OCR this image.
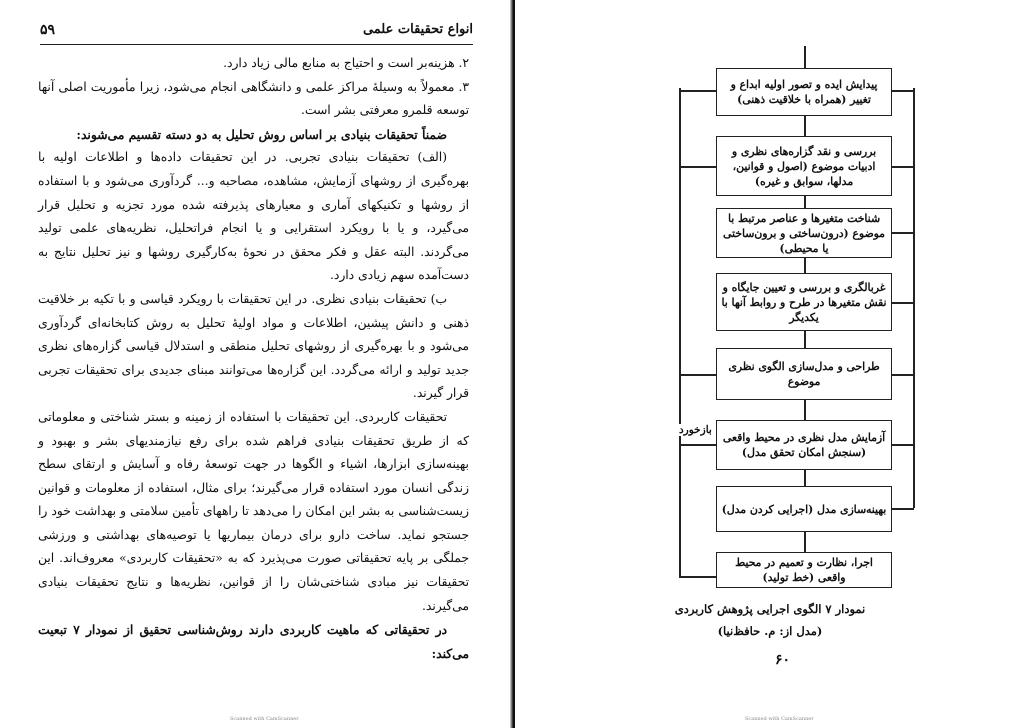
انواع تحقیقات علمی
۵۹

۲. هزینه‌بر است و احتیاج به منابع مالی زیاد دارد.

۳. معمولاً به وسیلهٔ مراکز علمی و دانشگاهی انجام می‌شود، زیرا مأموریت اصلی آنها توسعه قلمرو معرفتی بشر است.

ضمناً تحقیقات بنیادی بر اساس روش تحلیل به دو دسته تقسیم می‌شوند:

(الف) تحقیقات بنیادی تجربی. در این تحقیقات داده‌ها و اطلاعات اولیه با بهره‌گیری از روشهای آزمایش، مشاهده، مصاحبه و... گردآوری می‌شود و با استفاده از روشها و تکنیکهای آماری و معیارهای پذیرفته شده مورد تجزیه و تحلیل قرار می‌گیرد، و یا با رویکرد استقرایی و یا انجام فراتحلیل، نظریه‌های علمی تولید می‌گردند. البته عقل و فکر محقق در نحوهٔ به‌کارگیری روشها و نیز تحلیل نتایج به دست‌آمده سهم زیادی دارد.

ب) تحقیقات بنیادی نظری. در این تحقیقات با رویکرد قیاسی و با تکیه بر خلاقیت ذهنی و دانش پیشین، اطلاعات و مواد اولیهٔ تحلیل به روش کتابخانه‌ای گردآوری می‌شود و با بهره‌گیری از روشهای تحلیل منطقی و استدلال قیاسی گزاره‌های نظری جدید تولید و ارائه می‌گردد. این گزاره‌ها می‌توانند مبنای جدیدی برای تحقیقات تجربی قرار گیرند.

تحقیقات کاربردی. این تحقیقات با استفاده از زمینه و بستر شناختی و معلوماتی که از طریق تحقیقات بنیادی فراهم شده برای رفع نیازمندیهای بشر و بهبود و بهینه‌سازی ابزارها، اشیاء و الگوها در جهت توسعهٔ رفاه و آسایش و ارتقای سطح زندگی انسان مورد استفاده قرار می‌گیرند؛ برای مثال، استفاده از معلومات و قوانین زیست‌شناسی به بشر این امکان را می‌دهد تا راههای تأمین سلامتی و بهداشت خود را جستجو نماید. ساخت دارو برای درمان بیماریها یا توصیه‌های بهداشتی و ورزشی جملگی بر پایه تحقیقاتی صورت می‌پذیرد که به «تحقیقات کاربردی» معروف‌اند. این تحقیقات نیز مبادی شناختی‌شان را از قوانین، نظریه‌ها و نتایج تحقیقات بنیادی می‌گیرند.

در تحقیقاتی که ماهیت کاربردی دارند روش‌شناسی تحقیق از نمودار ۷ تبعیت می‌کند:

Scanned with CamScanner
پیدایش ایده و تصور اولیه ابداع و تغییر (همراه با خلاقیت ذهنی)
بررسی و نقد گزاره‌های نظری و ادبیات موضوع (اصول و قوانین، مدلها، سوابق و غیره)
شناخت متغیرها و عناصر مرتبط با موضوع (درون‌ساختی و برون‌ساختی یا محیطی)
غربالگری و بررسی و تعیین جایگاه و نقش متغیرها در طرح و روابط آنها با یکدیگر
طراحی و مدل‌سازی الگوی نظری موضوع
آزمایش مدل نظری در محیط واقعی (سنجش امکان تحقق مدل)
بهینه‌سازی مدل (اجرایی کردن مدل)
اجرا، نظارت و تعمیم در محیط واقعی (خط تولید)
بازخورد
نمودار ۷ الگوی اجرایی پژوهش کاربردی
(مدل از: م. حافظ‌نیا)
۶۰
Scanned with CamScanner
